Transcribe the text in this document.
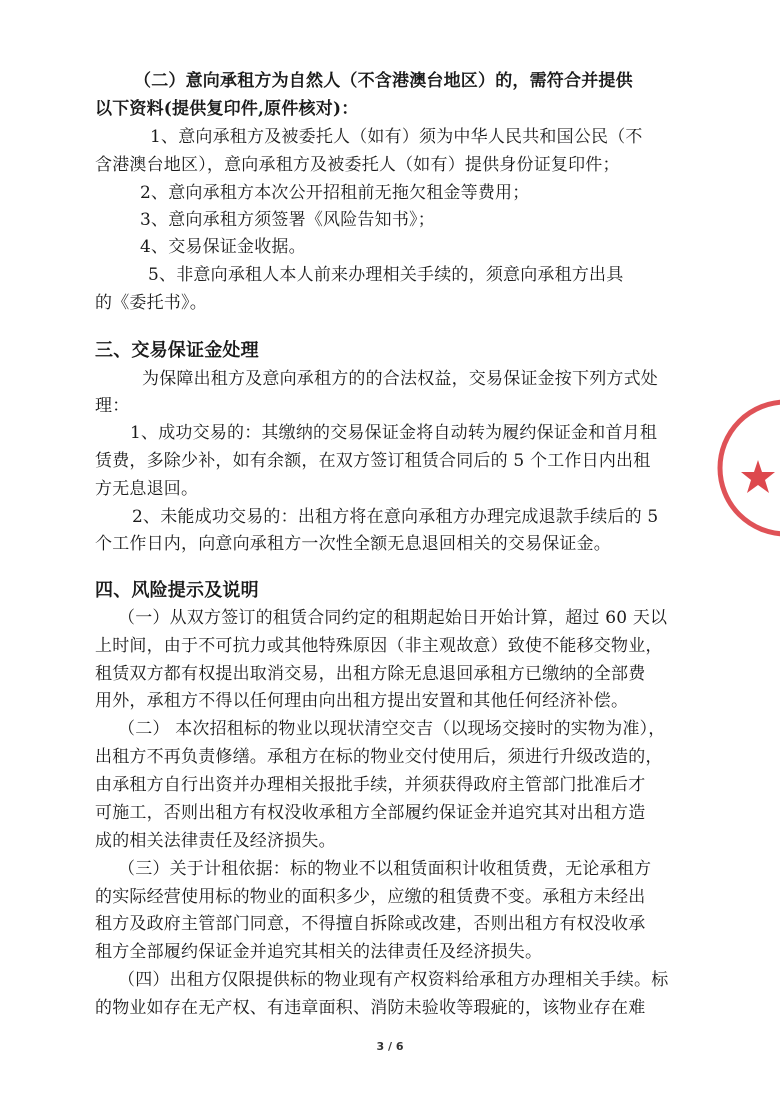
（二）意向承租方为自然人（不含港澳台地区）的，需符合并提供
以下资料(提供复印件,原件核对)：
1、意向承租方及被委托人（如有）须为中华人民共和国公民（不
含港澳台地区），意向承租方及被委托人（如有）提供身份证复印件；
2、意向承租方本次公开招租前无拖欠租金等费用；
3、意向承租方须签署《风险告知书》；
4、交易保证金收据。
5、非意向承租人本人前来办理相关手续的，须意向承租方出具
的《委托书》。
三、交易保证金处理
为保障出租方及意向承租方的的合法权益，交易保证金按下列方式处
理：
1、成功交易的：其缴纳的交易保证金将自动转为履约保证金和首月租
赁费，多除少补，如有余额，在双方签订租赁合同后的 5 个工作日内出租
方无息退回。
2、未能成功交易的：出租方将在意向承租方办理完成退款手续后的 5
个工作日内，向意向承租方一次性全额无息退回相关的交易保证金。
四、风险提示及说明
（一）从双方签订的租赁合同约定的租期起始日开始计算，超过 60 天以
上时间，由于不可抗力或其他特殊原因（非主观故意）致使不能移交物业，
租赁双方都有权提出取消交易，出租方除无息退回承租方已缴纳的全部费
用外，承租方不得以任何理由向出租方提出安置和其他任何经济补偿。
（二） 本次招租标的物业以现状清空交吉（以现场交接时的实物为准），
出租方不再负责修缮。承租方在标的物业交付使用后，须进行升级改造的，
由承租方自行出资并办理相关报批手续，并须获得政府主管部门批准后才
可施工，否则出租方有权没收承租方全部履约保证金并追究其对出租方造
成的相关法律责任及经济损失。
（三）关于计租依据：标的物业不以租赁面积计收租赁费，无论承租方
的实际经营使用标的物业的面积多少，应缴的租赁费不变。承租方未经出
租方及政府主管部门同意，不得擅自拆除或改建，否则出租方有权没收承
租方全部履约保证金并追究其相关的法律责任及经济损失。
（四）出租方仅限提供标的物业现有产权资料给承租方办理相关手续。标
的物业如存在无产权、有违章面积、消防未验收等瑕疵的，该物业存在难
3 / 6
